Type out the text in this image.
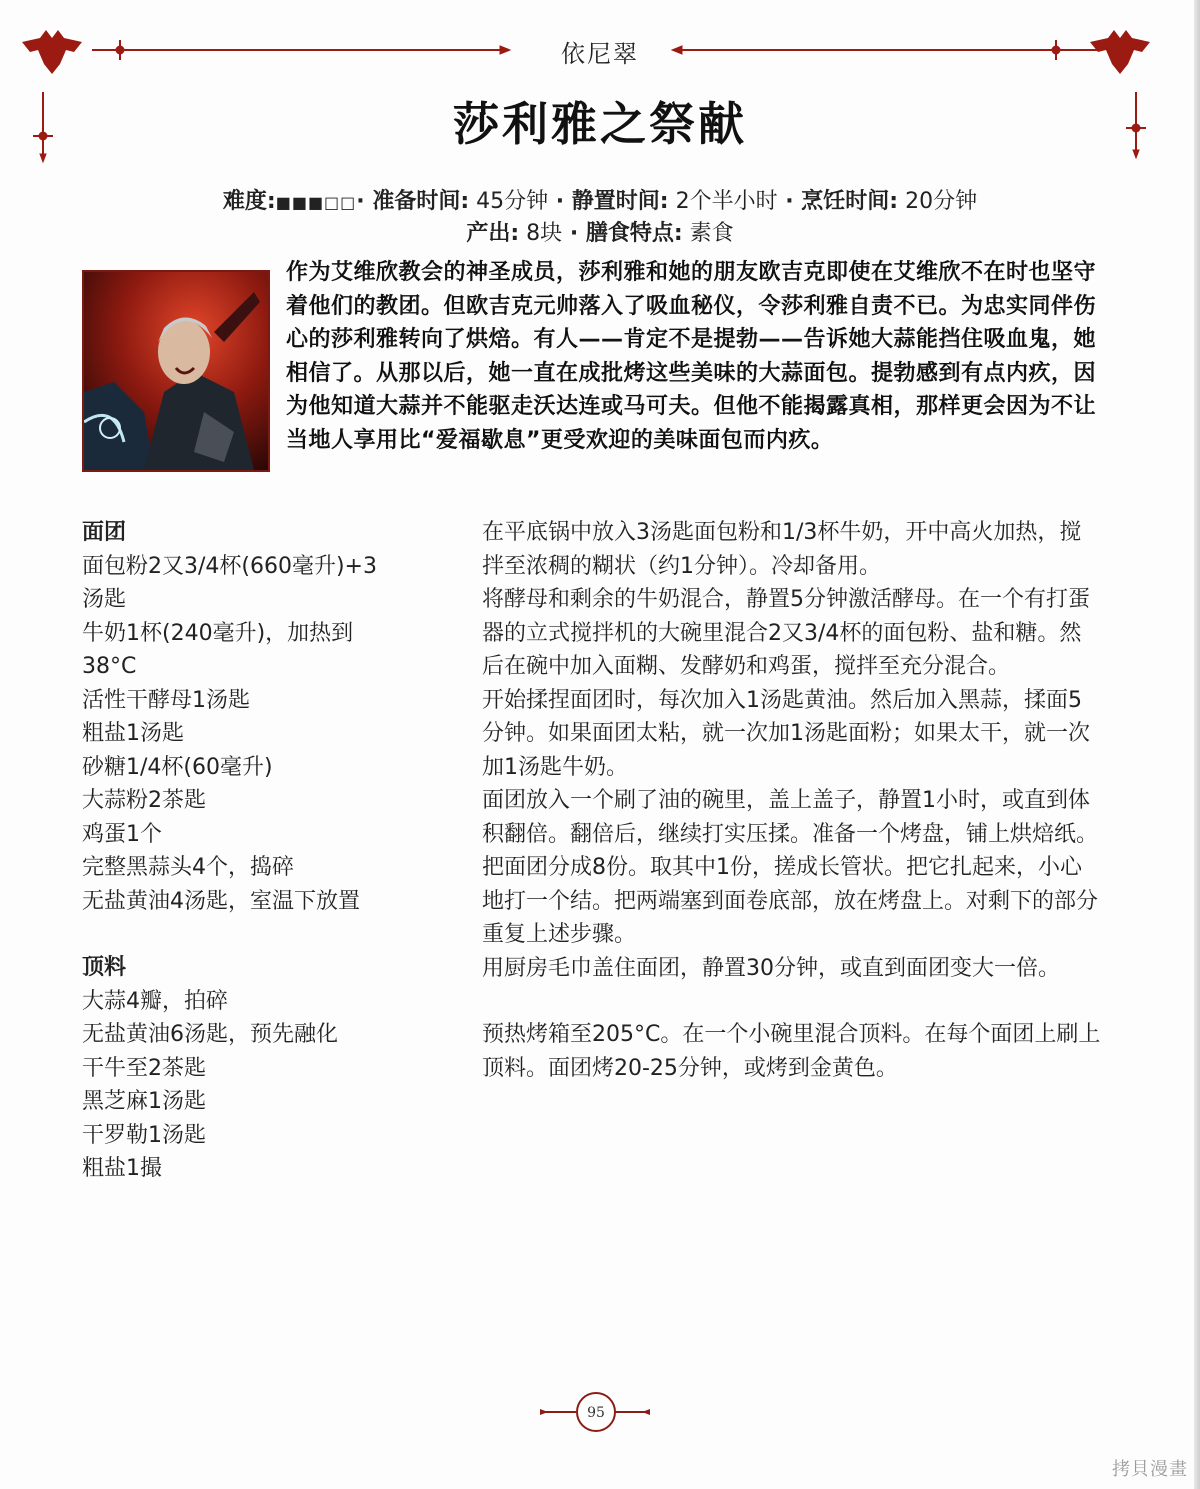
依尼翠
莎利雅之祭献
难度:■■■□□· 准备时间: 45分钟 · 静置时间: 2个半小时 · 烹饪时间: 20分钟
产出: 8块 · 膳食特点: 素食
作为艾维欣教会的神圣成员，莎利雅和她的朋友欧吉克即使在艾维欣不在时也坚守着他们的教团。但欧吉克元帅落入了吸血秘仪，令莎利雅自责不已。为忠实同伴伤心的莎利雅转向了烘焙。有人——肯定不是提勃——告诉她大蒜能挡住吸血鬼，她相信了。从那以后，她一直在成批烤这些美味的大蒜面包。提勃感到有点内疚，因为他知道大蒜并不能驱走沃达连或马可夫。但他不能揭露真相，那样更会因为不让当地人享用比“爱福歇息”更受欢迎的美味面包而内疚。
面团
面包粉2又3/4杯(660毫升)+3
汤匙
牛奶1杯(240毫升)，加热到
38°C
活性干酵母1汤匙
粗盐1汤匙
砂糖1/4杯(60毫升)
大蒜粉2茶匙
鸡蛋1个
完整黑蒜头4个，捣碎
无盐黄油4汤匙，室温下放置
顶料
大蒜4瓣，拍碎
无盐黄油6汤匙，预先融化
干牛至2茶匙
黑芝麻1汤匙
干罗勒1汤匙
粗盐1撮

在平底锅中放入3汤匙面包粉和1/3杯牛奶，开中高火加热，搅拌至浓稠的糊状（约1分钟）。冷却备用。

将酵母和剩余的牛奶混合，静置5分钟激活酵母。在一个有打蛋器的立式搅拌机的大碗里混合2又3/4杯的面包粉、盐和糖。然后在碗中加入面糊、发酵奶和鸡蛋，搅拌至充分混合。

开始揉捏面团时，每次加入1汤匙黄油。然后加入黑蒜，揉面5分钟。如果面团太粘，就一次加1汤匙面粉；如果太干，就一次加1汤匙牛奶。

面团放入一个刷了油的碗里，盖上盖子，静置1小时，或直到体积翻倍。翻倍后，继续打实压揉。准备一个烤盘，铺上烘焙纸。

把面团分成8份。取其中1份，搓成长管状。把它扎起来，小心地打一个结。把两端塞到面卷底部，放在烤盘上。对剩下的部分重复上述步骤。

用厨房毛巾盖住面团，静置30分钟，或直到面团变大一倍。

预热烤箱至205°C。在一个小碗里混合顶料。在每个面团上刷上顶料。面团烤20-25分钟，或烤到金黄色。

95
拷貝漫畫
